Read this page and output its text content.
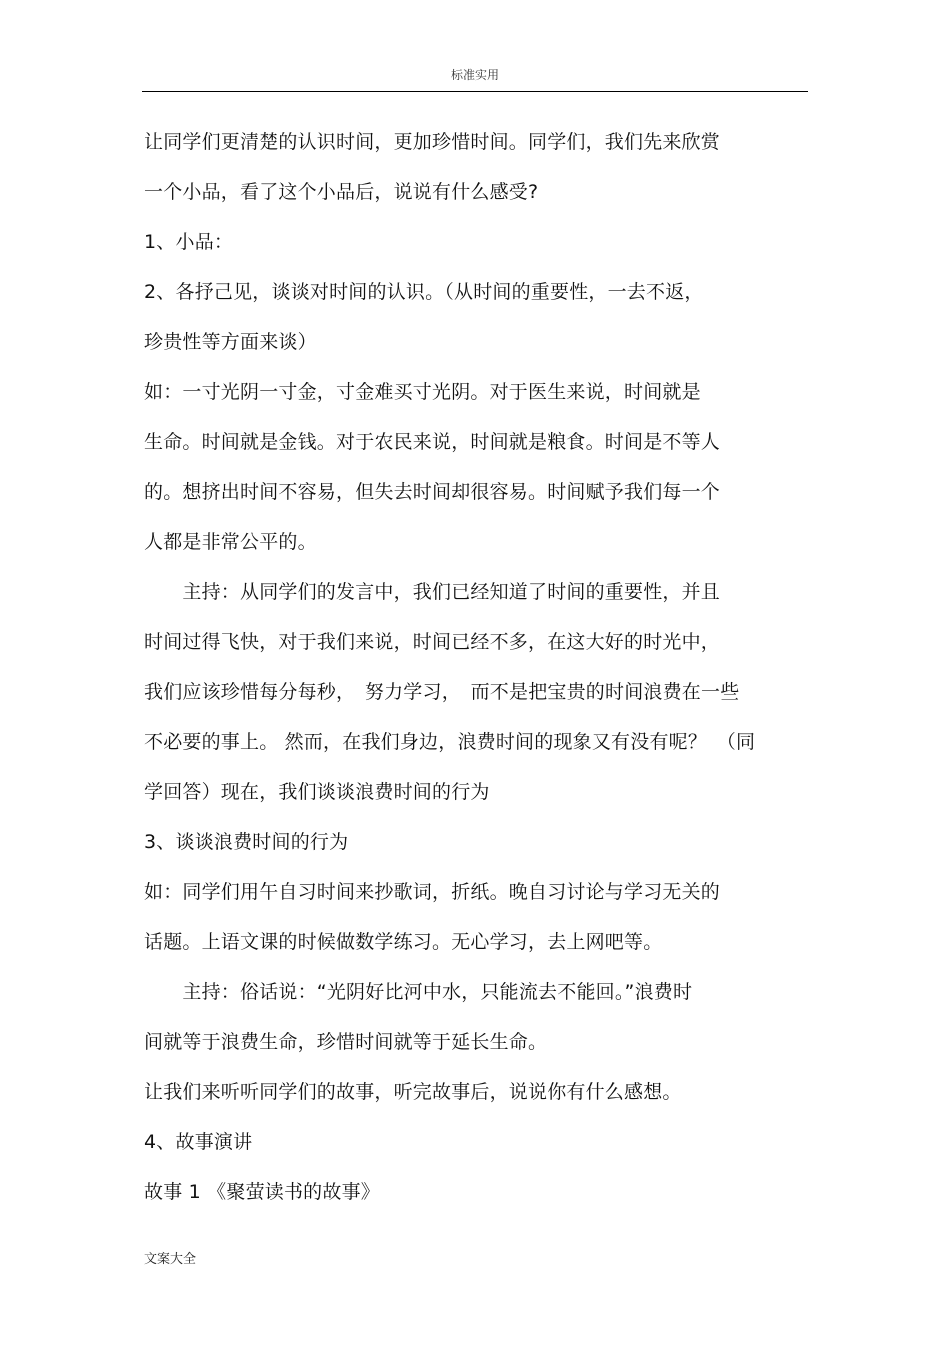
标准实用
让同学们更清楚的认识时间，更加珍惜时间。同学们，我们先来欣赏
一个小品，看了这个小品后，说说有什么感受?
1、小品：
2、各抒己见，谈谈对时间的认识。（从时间的重要性，一去不返，
珍贵性等方面来谈）
如：一寸光阴一寸金，寸金难买寸光阴。对于医生来说，时间就是
生命。时间就是金钱。对于农民来说，时间就是粮食。时间是不等人
的。想挤出时间不容易，但失去时间却很容易。时间赋予我们每一个
人都是非常公平的。
　　主持：从同学们的发言中，我们已经知道了时间的重要性，并且
时间过得飞快，对于我们来说，时间已经不多，在这大好的时光中，
我们应该珍惜每分每秒，　努力学习，　而不是把宝贵的时间浪费在一些
不必要的事上。 然而，在我们身边，浪费时间的现象又有没有呢？　（同
学回答）现在，我们谈谈浪费时间的行为
3、谈谈浪费时间的行为
如：同学们用午自习时间来抄歌词，折纸。晚自习讨论与学习无关的
话题。上语文课的时候做数学练习。无心学习，去上网吧等。
　　主持：俗话说：“光阴好比河中水，只能流去不能回。”浪费时
间就等于浪费生命，珍惜时间就等于延长生命。
让我们来听听同学们的故事，听完故事后，说说你有什么感想。
4、故事演讲
故事 1 《聚萤读书的故事》
文案大全
